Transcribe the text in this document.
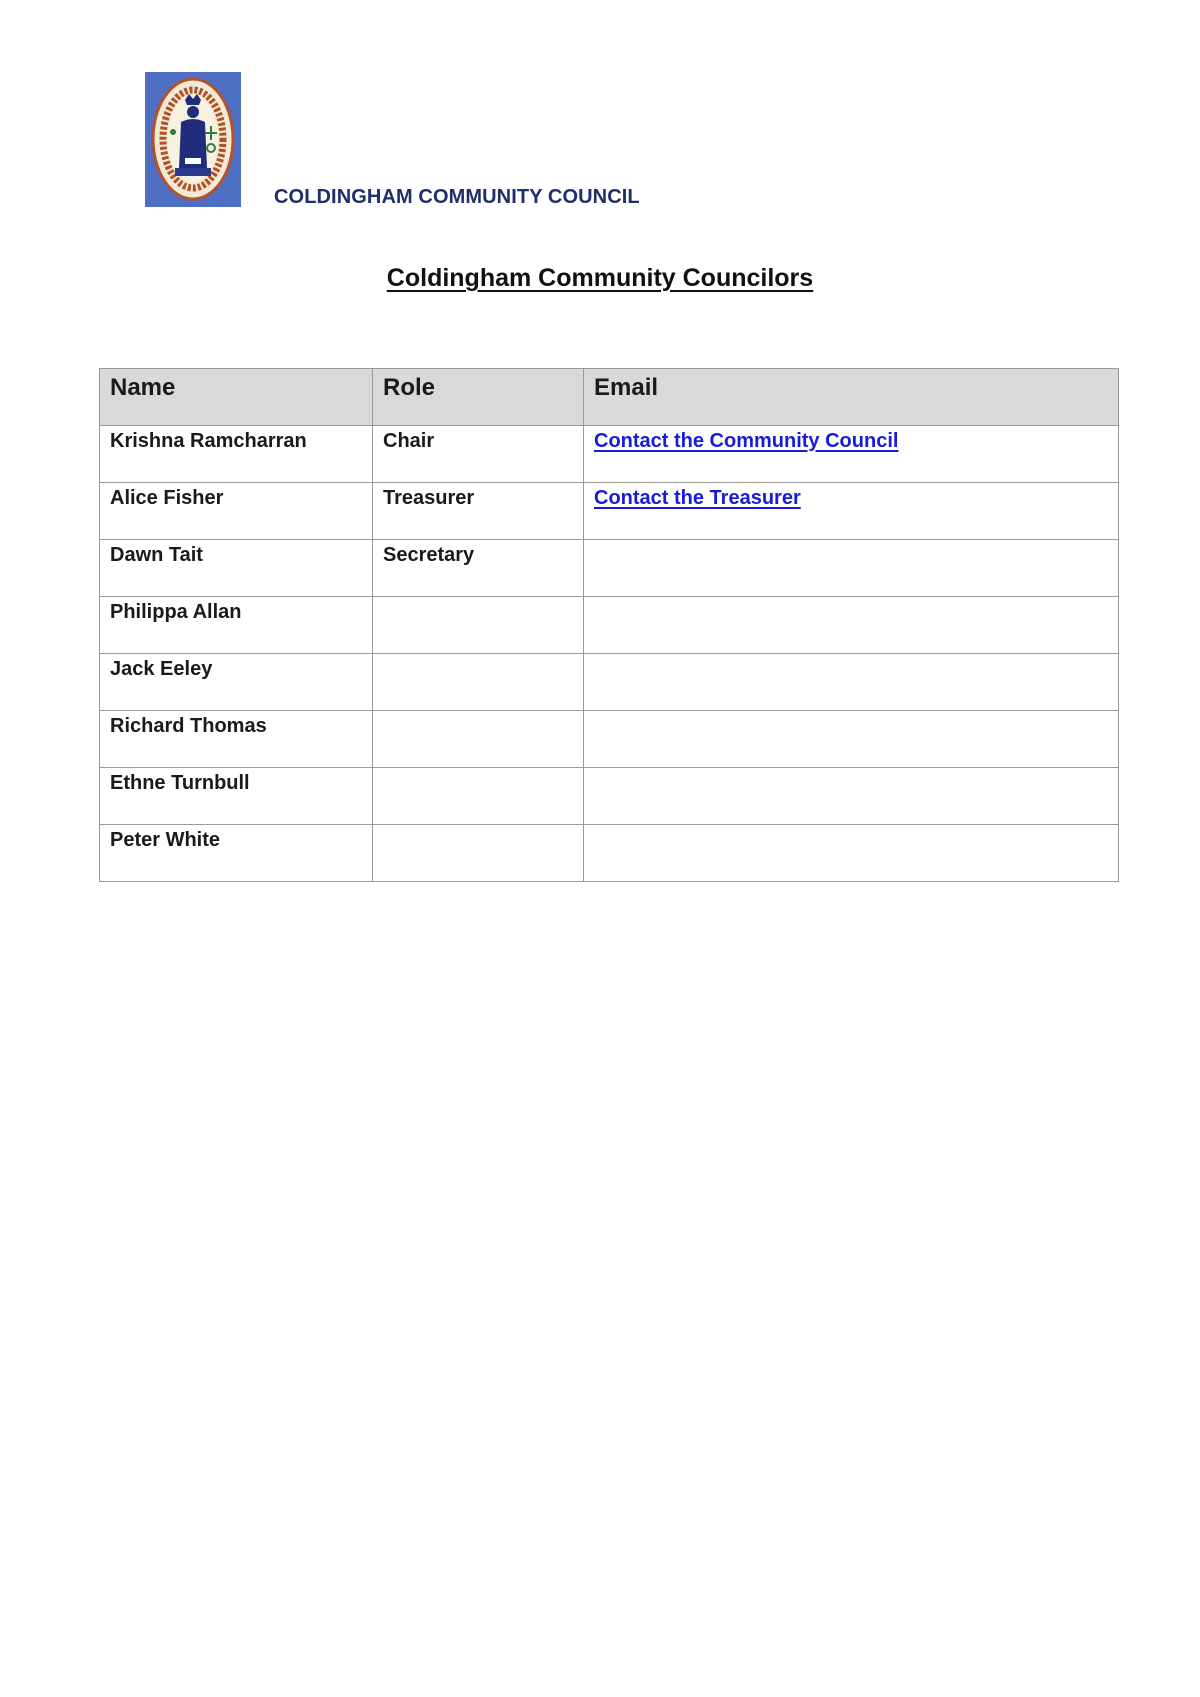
COLDINGHAM COMMUNITY COUNCIL
Coldingham Community Councilors
Name	Role	Email
Krishna Ramcharran	Chair	Contact the Community Council
Alice Fisher	Treasurer	Contact the Treasurer
Dawn Tait	Secretary	
Philippa Allan		
Jack Eeley		
Richard Thomas		
Ethne Turnbull		
Peter White		
